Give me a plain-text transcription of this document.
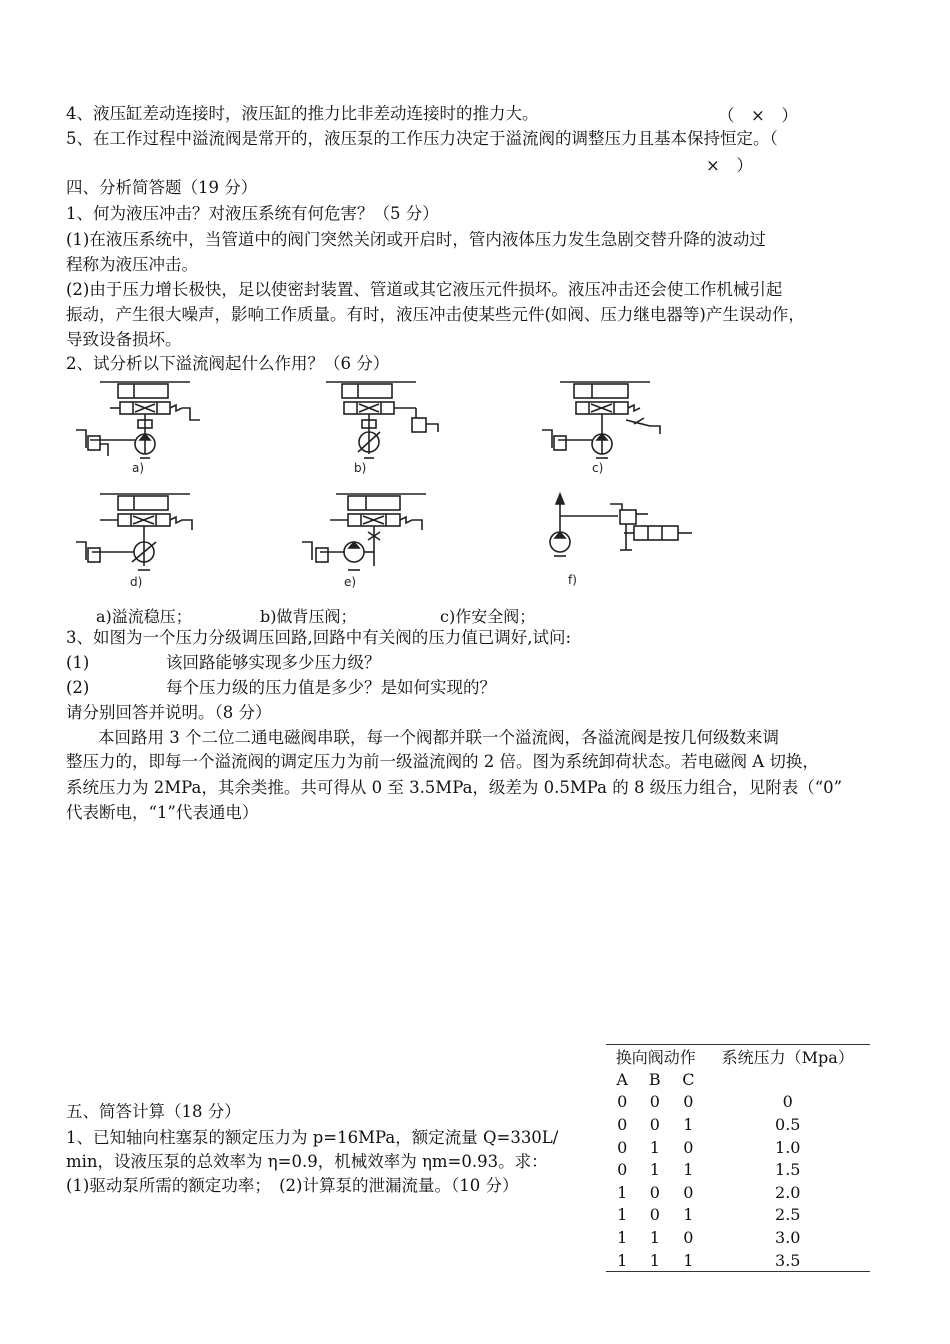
4、液压缸差动连接时，液压缸的推力比非差动连接时的推力大。	（　×　）
5、在工作过程中溢流阀是常开的，液压泵的工作压力决定于溢流阀的调整压力且基本保持恒定。（
×　）
四、分析简答题（19 分）
1、何为液压冲击？对液压系统有何危害？（5 分）
(1)在液压系统中，当管道中的阀门突然关闭或开启时，管内液体压力发生急剧交替升降的波动过
程称为液压冲击。
(2)由于压力增长极快，足以使密封装置、管道或其它液压元件损坏。液压冲击还会使工作机械引起
振动，产生很大噪声，影响工作质量。有时，液压冲击使某些元件(如阀、压力继电器等)产生误动作，
导致设备损坏。
2、试分析以下溢流阀起什么作用？（6 分）
a)	b)	c)
d)	e)	f)
a)溢流稳压；	b)做背压阀；	c)作安全阀；
3、如图为一个压力分级调压回路,回路中有关阀的压力值已调好,试问:
(1)	该回路能够实现多少压力级？
(2)	每个压力级的压力值是多少？是如何实现的？
请分别回答并说明。（8 分）
本回路用 3 个二位二通电磁阀串联，每一个阀都并联一个溢流阀，各溢流阀是按几何级数来调
整压力的，即每一个溢流阀的调定压力为前一级溢流阀的 2 倍。图为系统卸荷状态。若电磁阀 A 切换，
系统压力为 2MPa，其余类推。共可得从 0 至 3.5MPa，级差为 0.5MPa 的 8 级压力组合，见附表（“0”
代表断电，“1”代表通电）
五、简答计算（18 分）
1、已知轴向柱塞泵的额定压力为 p=16MPa，额定流量 Q=330L/
min，设液压泵的总效率为 η=0.9，机械效率为 ηm=0.93。求：
(1)驱动泵所需的额定功率；　(2)计算泵的泄漏流量。（10 分）
换向阀动作			系统压力（Mpa）
A	B	C	
0	0	0	0
0	0	1	0.5
0	1	0	1.0
0	1	1	1.5
1	0	0	2.0
1	0	1	2.5
1	1	0	3.0
1	1	1	3.5
